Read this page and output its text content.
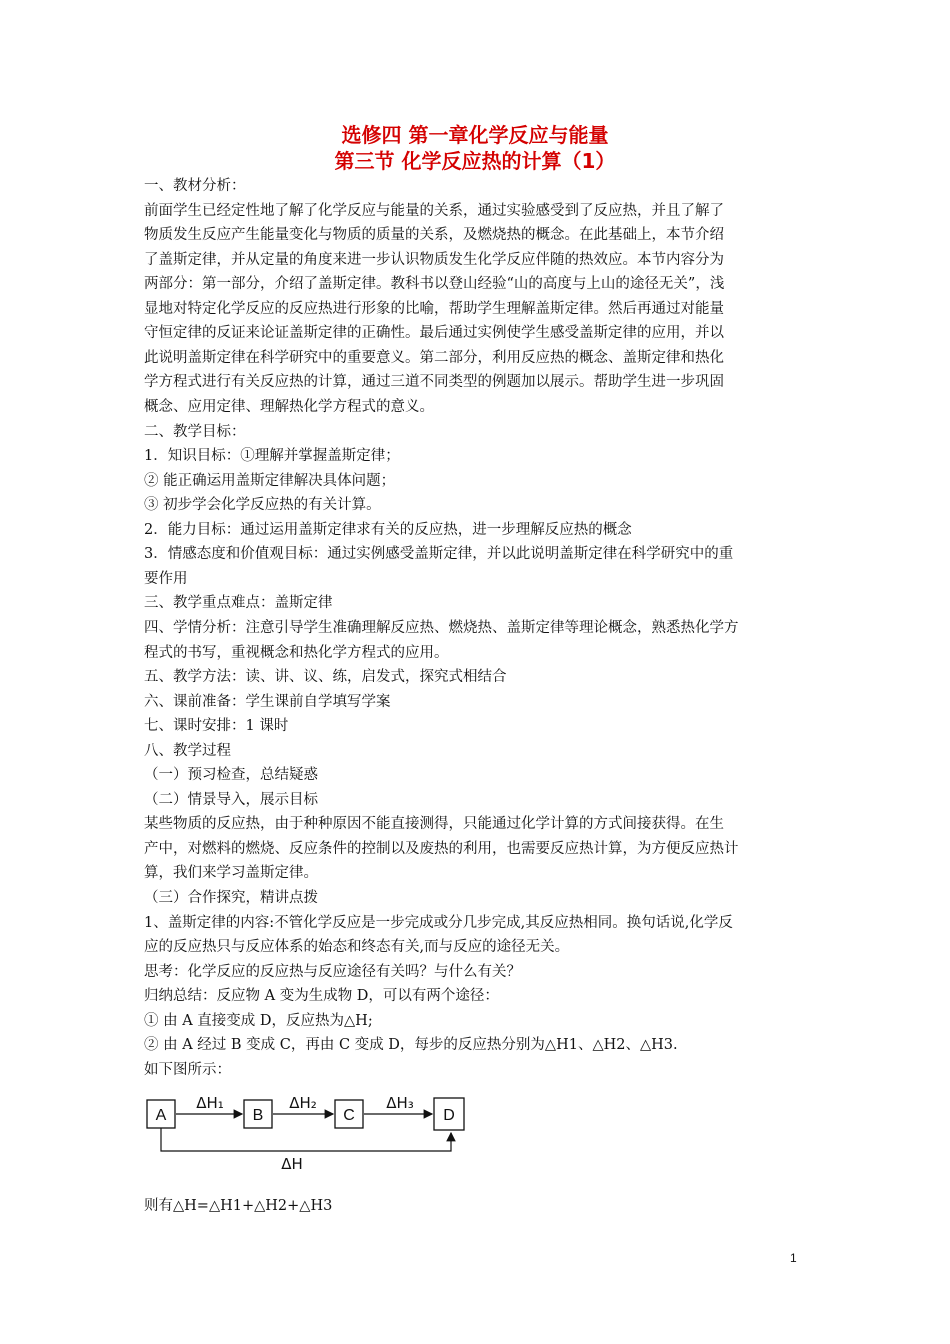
选修四 第一章化学反应与能量
第三节 化学反应热的计算（1）
一、教材分析：
前面学生已经定性地了解了化学反应与能量的关系，通过实验感受到了反应热，并且了解了
物质发生反应产生能量变化与物质的质量的关系，及燃烧热的概念。在此基础上，本节介绍
了盖斯定律，并从定量的角度来进一步认识物质发生化学反应伴随的热效应。本节内容分为
两部分：第一部分，介绍了盖斯定律。教科书以登山经验“山的高度与上山的途径无关”，浅
显地对特定化学反应的反应热进行形象的比喻，帮助学生理解盖斯定律。然后再通过对能量
守恒定律的反证来论证盖斯定律的正确性。最后通过实例使学生感受盖斯定律的应用，并以
此说明盖斯定律在科学研究中的重要意义。第二部分，利用反应热的概念、盖斯定律和热化
学方程式进行有关反应热的计算，通过三道不同类型的例题加以展示。帮助学生进一步巩固
概念、应用定律、理解热化学方程式的意义。
二、教学目标：
1．知识目标：①理解并掌握盖斯定律；
② 能正确运用盖斯定律解决具体问题；
③ 初步学会化学反应热的有关计算。
2．能力目标：通过运用盖斯定律求有关的反应热，进一步理解反应热的概念
3．情感态度和价值观目标：通过实例感受盖斯定律，并以此说明盖斯定律在科学研究中的重
要作用
三、教学重点难点：盖斯定律
四、学情分析：注意引导学生准确理解反应热、燃烧热、盖斯定律等理论概念，熟悉热化学方
程式的书写，重视概念和热化学方程式的应用。
五、教学方法：读、讲、议、练，启发式，探究式相结合
六、课前准备：学生课前自学填写学案
七、课时安排：1 课时
八、教学过程
（一）预习检查，总结疑惑
（二）情景导入，展示目标
某些物质的反应热，由于种种原因不能直接测得，只能通过化学计算的方式间接获得。在生
产中，对燃料的燃烧、反应条件的控制以及废热的利用，也需要反应热计算，为方便反应热计
算，我们来学习盖斯定律。
（三）合作探究，精讲点拨
1、盖斯定律的内容:不管化学反应是一步完成或分几步完成,其反应热相同。换句话说,化学反
应的反应热只与反应体系的始态和终态有关,而与反应的途径无关。
思考：化学反应的反应热与反应途径有关吗？与什么有关？
归纳总结：反应物 A 变为生成物 D，可以有两个途径：
① 由 A 直接变成 D，反应热为△H;
② 由 A 经过 B 变成 C，再由 C 变成 D，每步的反应热分别为△H1、△H2、△H3.
如下图所示：
A	B	C	D
ΔH₁	ΔH₂	ΔH₃
ΔH
则有△H=△H1+△H2+△H3
1
